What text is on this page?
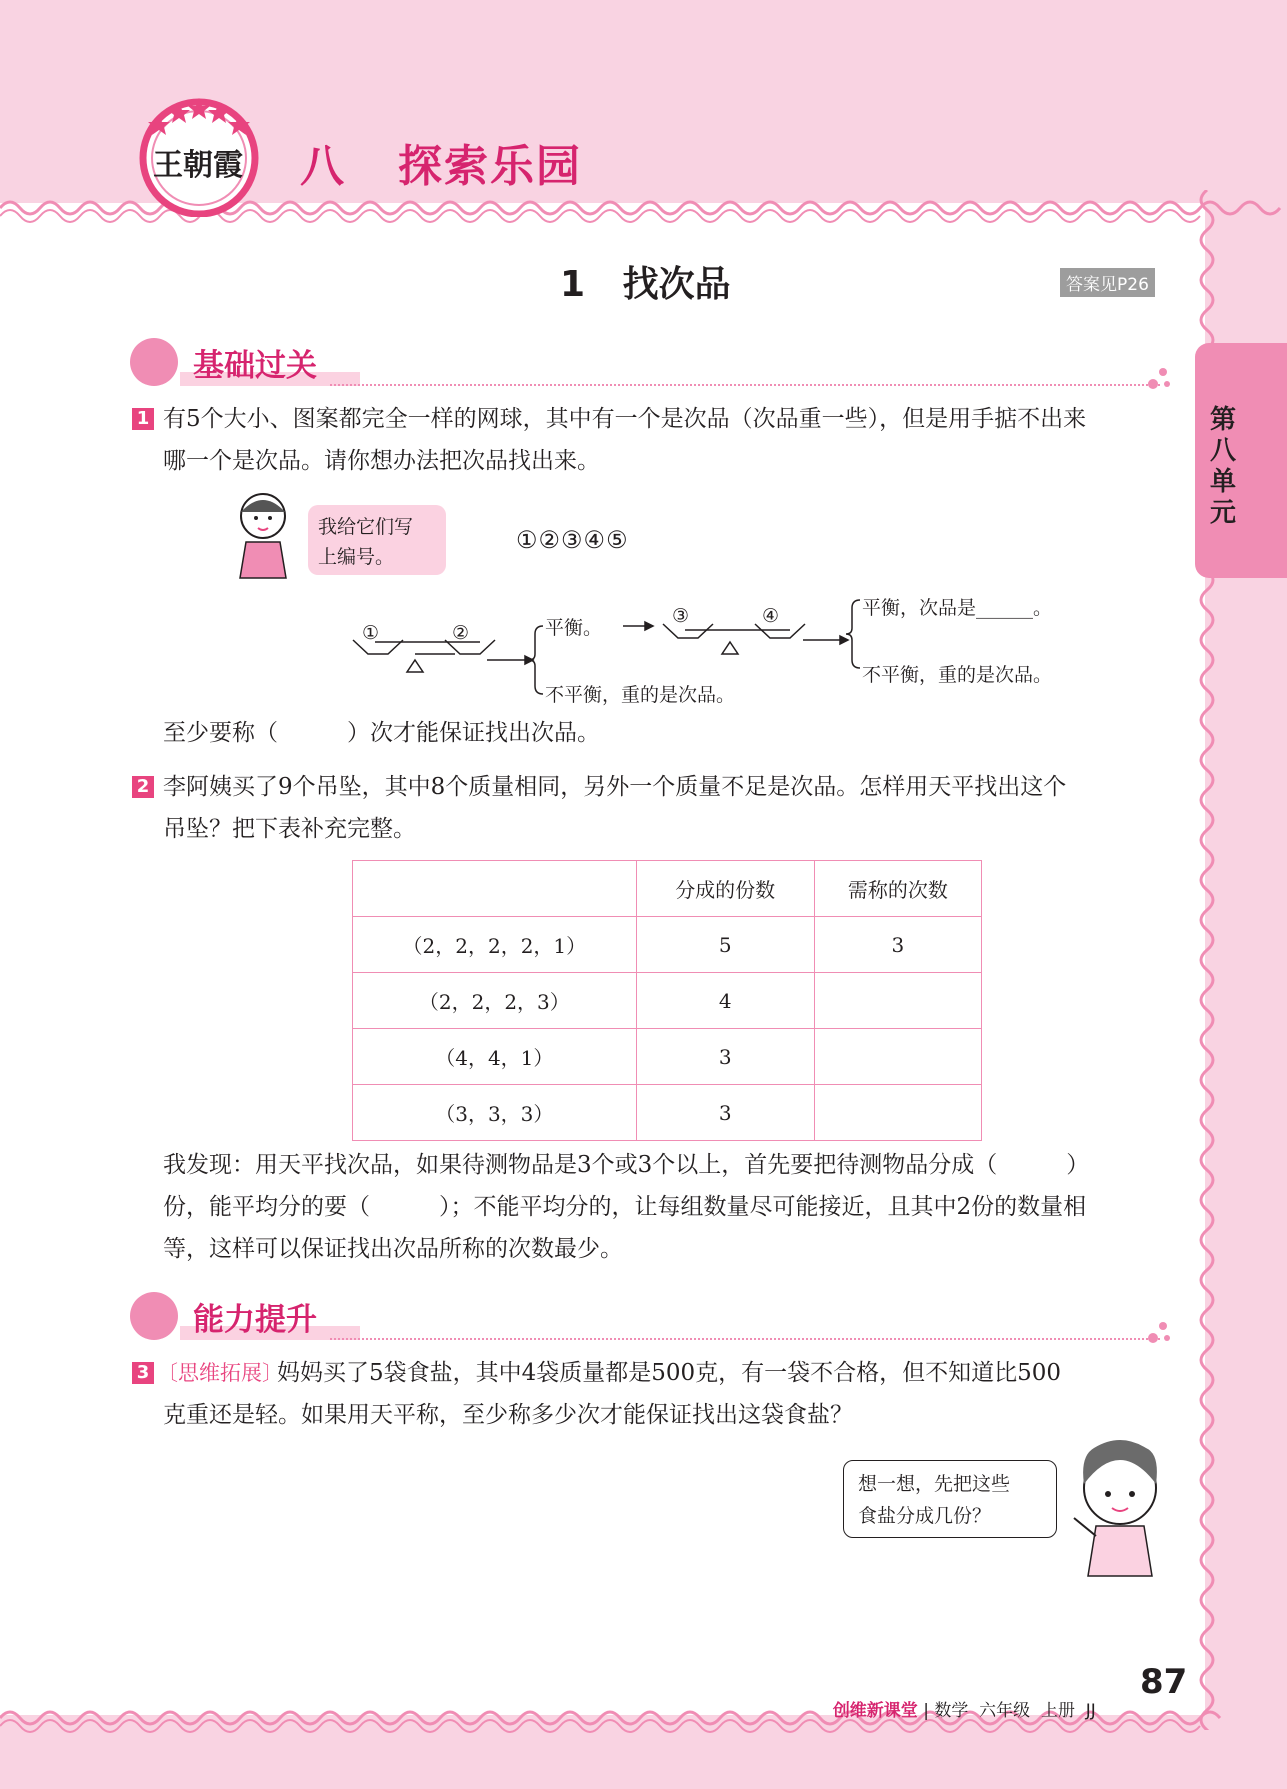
王朝霞 八   探索乐园
1   找次品	答案见P26
第八单元
基础过关
1 有5个大小、图案都完全一样的网球，其中有一个是次品（次品重一些），但是用手掂不出来
哪一个是次品。请你想办法把次品找出来。
我给它们写
上编号。
①②③④⑤
①	②	平衡。
不平衡，重的是次品。
③	④	平衡，次品是______。
不平衡，重的是次品。
至少要称（　　　）次才能保证找出次品。
2 李阿姨买了9个吊坠，其中8个质量相同，另外一个质量不足是次品。怎样用天平找出这个
吊坠？把下表补充完整。
	分成的份数	需称的次数
（2，2，2，2，1）	5	3
（2，2，2，3）	4	
（4，4，1）	3	
（3，3，3）	3	
我发现：用天平找次品，如果待测物品是3个或3个以上，首先要把待测物品分成（　　　）
份，能平均分的要（　　　）；不能平均分的，让每组数量尽可能接近，且其中2份的数量相
等，这样可以保证找出次品所称的次数最少。
能力提升
3 〔思维拓展〕
妈妈买了5袋食盐，其中4袋质量都是500克，有一袋不合格，但不知道比500
克重还是轻。如果用天平称，至少称多少次才能保证找出这袋食盐？
想一想，先把这些
食盐分成几份？

创维新课堂 | 数学  六年级  上册  JJ

87
